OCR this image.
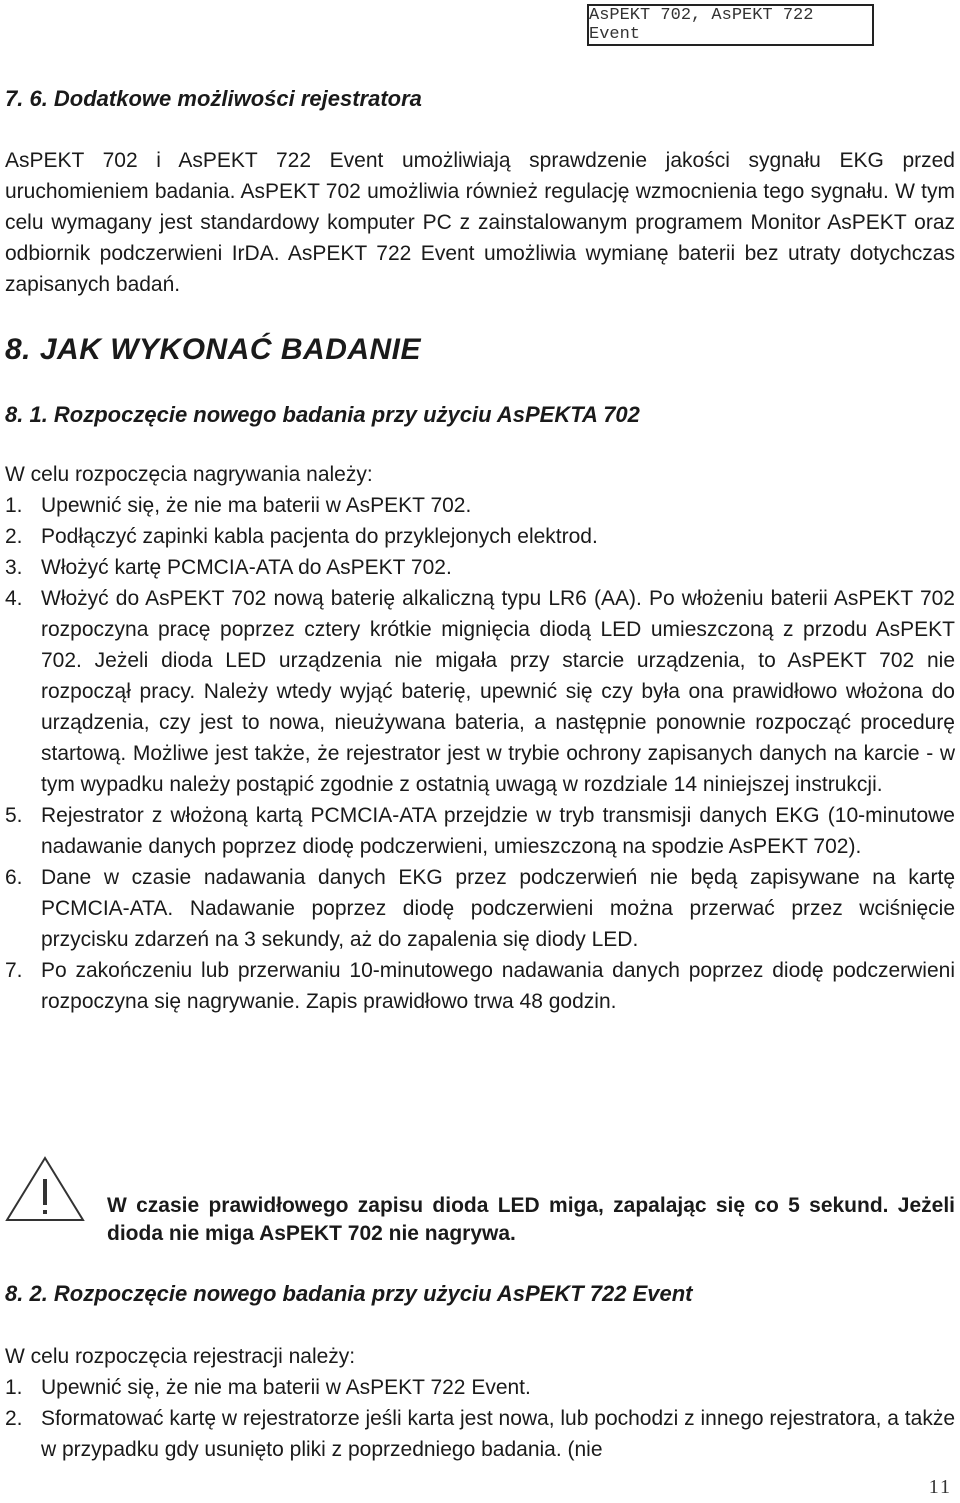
AsPEKT 702, AsPEKT 722 Event
7. 6. Dodatkowe możliwości rejestratora

AsPEKT 702 i AsPEKT 722 Event umożliwiają sprawdzenie jakości sygnału EKG przed uruchomieniem badania. AsPEKT 702 umożliwia również regulację wzmocnienia tego sygnału. W tym celu wymagany jest standardowy komputer PC z zainstalowanym programem Monitor AsPEKT oraz odbiornik podczerwieni IrDA. AsPEKT 722 Event umożliwia wymianę baterii bez utraty dotychczas zapisanych badań.

8. JAK WYKONAĆ BADANIE
8. 1. Rozpoczęcie nowego badania przy użyciu AsPEKTA 702

W celu rozpoczęcia nagrywania należy:

1. Upewnić się, że nie ma baterii w AsPEKT 702.
2. Podłączyć zapinki kabla pacjenta do przyklejonych elektrod.
3. Włożyć kartę PCMCIA-ATA do AsPEKT 702.
4. Włożyć do AsPEKT 702 nową baterię alkaliczną typu LR6 (AA). Po włożeniu baterii AsPEKT 702 rozpoczyna pracę poprzez cztery krótkie mignięcia diodą LED umieszczoną z przodu AsPEKT 702. Jeżeli dioda LED urządzenia nie migała przy starcie urządzenia, to AsPEKT 702 nie rozpoczął pracy. Należy wtedy wyjąć baterię, upewnić się czy była ona prawidłowo włożona do urządzenia, czy jest to nowa, nieużywana bateria, a następnie ponownie rozpocząć procedurę startową. Możliwe jest także, że rejestrator jest w trybie ochrony zapisanych danych na karcie - w tym wypadku należy postąpić zgodnie z ostatnią uwagą w rozdziale 14 niniejszej instrukcji.
5. Rejestrator z włożoną kartą PCMCIA-ATA przejdzie w tryb transmisji danych EKG (10-minutowe nadawanie danych poprzez diodę podczerwieni, umieszczoną na spodzie AsPEKT 702).
6. Dane w czasie nadawania danych EKG przez podczerwień nie będą zapisywane na kartę PCMCIA-ATA. Nadawanie poprzez diodę podczerwieni można przerwać przez wciśnięcie przycisku zdarzeń na 3 sekundy, aż do zapalenia się diody LED.
7. Po zakończeniu lub przerwaniu 10-minutowego nadawania danych poprzez diodę podczerwieni rozpoczyna się nagrywanie. Zapis prawidłowo trwa 48 godzin.

W czasie prawidłowego zapisu dioda LED miga, zapalając się co 5 sekund. Jeżeli dioda nie miga AsPEKT 702 nie nagrywa.

8. 2. Rozpoczęcie nowego badania przy użyciu AsPEKT 722 Event

W celu rozpoczęcia rejestracji należy:

1. Upewnić się, że nie ma baterii w AsPEKT 722 Event.
2. Sformatować kartę w rejestratorze jeśli karta jest nowa, lub pochodzi z innego rejestratora, a także w przypadku gdy usunięto pliki z poprzedniego badania. (nie
11
